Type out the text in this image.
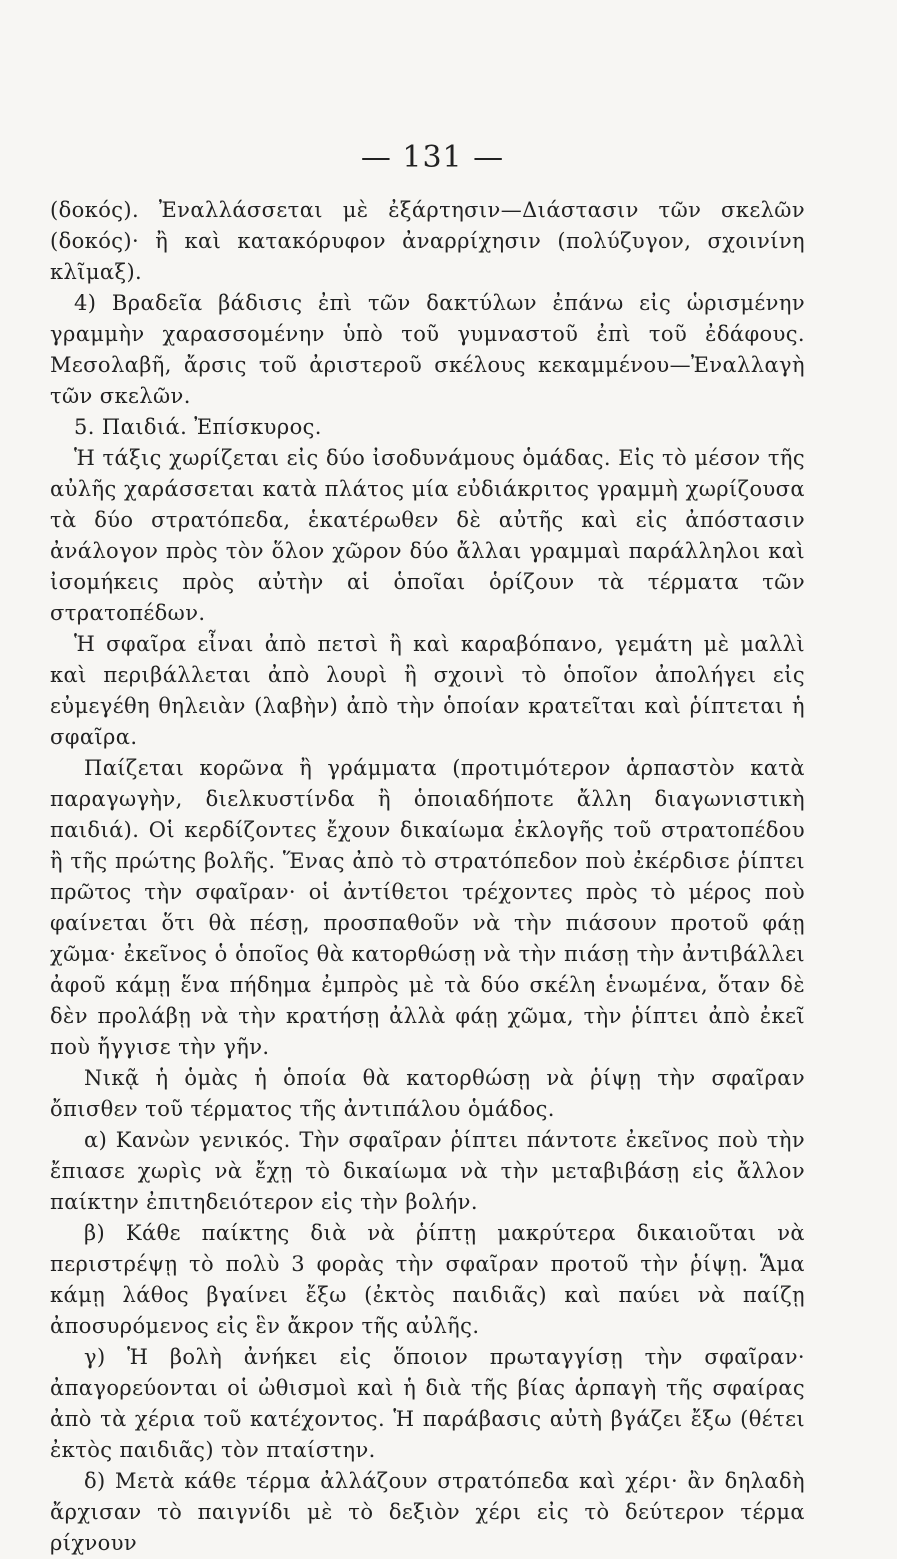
— 131 —

(δοκός). Ἐναλλάσσεται μὲ ἐξάρτησιν—Διάστασιν τῶν σκελῶν (δοκός)· ἢ καὶ κατακόρυφον ἀναρρίχησιν (πολύζυγον, σχοινίνη κλῖμαξ).

4) Βραδεῖα βάδισις ἐπὶ τῶν δακτύλων ἐπάνω εἰς ὡρισμένην γραμμὴν χαρασσομένην ὑπὸ τοῦ γυμναστοῦ ἐπὶ τοῦ ἐδάφους. Μεσολαβῆ, ἄρσις τοῦ ἀριστεροῦ σκέλους κεκαμμένου—Ἐναλλαγὴ τῶν σκελῶν.

5. Παιδιά. Ἐπίσκυρος.

Ἡ τάξις χωρίζεται εἰς δύο ἰσοδυνάμους ὁμάδας. Εἰς τὸ μέσον τῆς αὐλῆς χαράσσεται κατὰ πλάτος μία εὐδιάκριτος γραμμὴ χωρίζουσα τὰ δύο στρατόπεδα, ἑκατέρωθεν δὲ αὐτῆς καὶ εἰς ἀπόστασιν ἀνάλογον πρὸς τὸν ὅλον χῶρον δύο ἄλλαι γραμμαὶ παράλληλοι καὶ ἰσομήκεις πρὸς αὐτὴν αἱ ὁποῖαι ὁρίζουν τὰ τέρματα τῶν στρατοπέδων.

Ἡ σφαῖρα εἶναι ἀπὸ πετσὶ ἢ καὶ καραβόπανο, γεμάτη μὲ μαλλὶ καὶ περιβάλλεται ἀπὸ λουρὶ ἢ σχοινὶ τὸ ὁποῖον ἀπολήγει εἰς εὐμεγέθη θηλειὰν (λαβὴν) ἀπὸ τὴν ὁποίαν κρατεῖται καὶ ῥίπτεται ἡ σφαῖρα.

Παίζεται κορῶνα ἢ γράμματα (προτιμότερον ἁρπαστὸν κατὰ παραγωγὴν, διελκυστίνδα ἢ ὁποιαδήποτε ἄλλη διαγωνιστικὴ παιδιά). Οἱ κερδίζοντες ἔχουν δικαίωμα ἐκλογῆς τοῦ στρατοπέδου ἢ τῆς πρώτης βολῆς. Ἕνας ἀπὸ τὸ στρατόπεδον ποὺ ἐκέρδισε ῥίπτει πρῶτος τὴν σφαῖραν· οἱ ἀντίθετοι τρέχοντες πρὸς τὸ μέρος ποὺ φαίνεται ὅτι θὰ πέσῃ, προσπαθοῦν νὰ τὴν πιάσουν προτοῦ φάῃ χῶμα· ἐκεῖνος ὁ ὁποῖος θὰ κατορθώσῃ νὰ τὴν πιάσῃ τὴν ἀντιβάλλει ἀφοῦ κάμῃ ἕνα πήδημα ἐμπρὸς μὲ τὰ δύο σκέλη ἑνωμένα, ὅταν δὲ δὲν προλάβῃ νὰ τὴν κρατήσῃ ἀλλὰ φάῃ χῶμα, τὴν ῥίπτει ἀπὸ ἐκεῖ ποὺ ἤγγισε τὴν γῆν.

Νικᾷ ἡ ὁμὰς ἡ ὁποία θὰ κατορθώσῃ νὰ ῥίψῃ τὴν σφαῖραν ὄπισθεν τοῦ τέρματος τῆς ἀντιπάλου ὁμάδος.

α) Κανὼν γενικός. Τὴν σφαῖραν ῥίπτει πάντοτε ἐκεῖνος ποὺ τὴν ἔπιασε χωρὶς νὰ ἔχῃ τὸ δικαίωμα νὰ τὴν μεταβιβάσῃ εἰς ἄλλον παίκτην ἐπιτηδειότερον εἰς τὴν βολήν.

β) Κάθε παίκτης διὰ νὰ ῥίπτῃ μακρύτερα δικαιοῦται νὰ περιστρέψῃ τὸ πολὺ 3 φορὰς τὴν σφαῖραν προτοῦ τὴν ῥίψῃ. Ἅμα κάμῃ λάθος βγαίνει ἔξω (ἐκτὸς παιδιᾶς) καὶ παύει νὰ παίζῃ ἀποσυρόμενος εἰς ἓν ἄκρον τῆς αὐλῆς.

γ) Ἡ βολὴ ἀνήκει εἰς ὅποιον πρωταγγίσῃ τὴν σφαῖραν· ἀπαγορεύονται οἱ ὠθισμοὶ καὶ ἡ διὰ τῆς βίας ἁρπαγὴ τῆς σφαίρας ἀπὸ τὰ χέρια τοῦ κατέχοντος. Ἡ παράβασις αὐτὴ βγάζει ἔξω (θέτει ἐκτὸς παιδιᾶς) τὸν πταίστην.

δ) Μετὰ κάθε τέρμα ἀλλάζουν στρατόπεδα καὶ χέρι· ἂν δηλαδὴ ἄρχισαν τὸ παιγνίδι μὲ τὸ δεξιὸν χέρι εἰς τὸ δεύτερον τέρμα ρίχνουν
